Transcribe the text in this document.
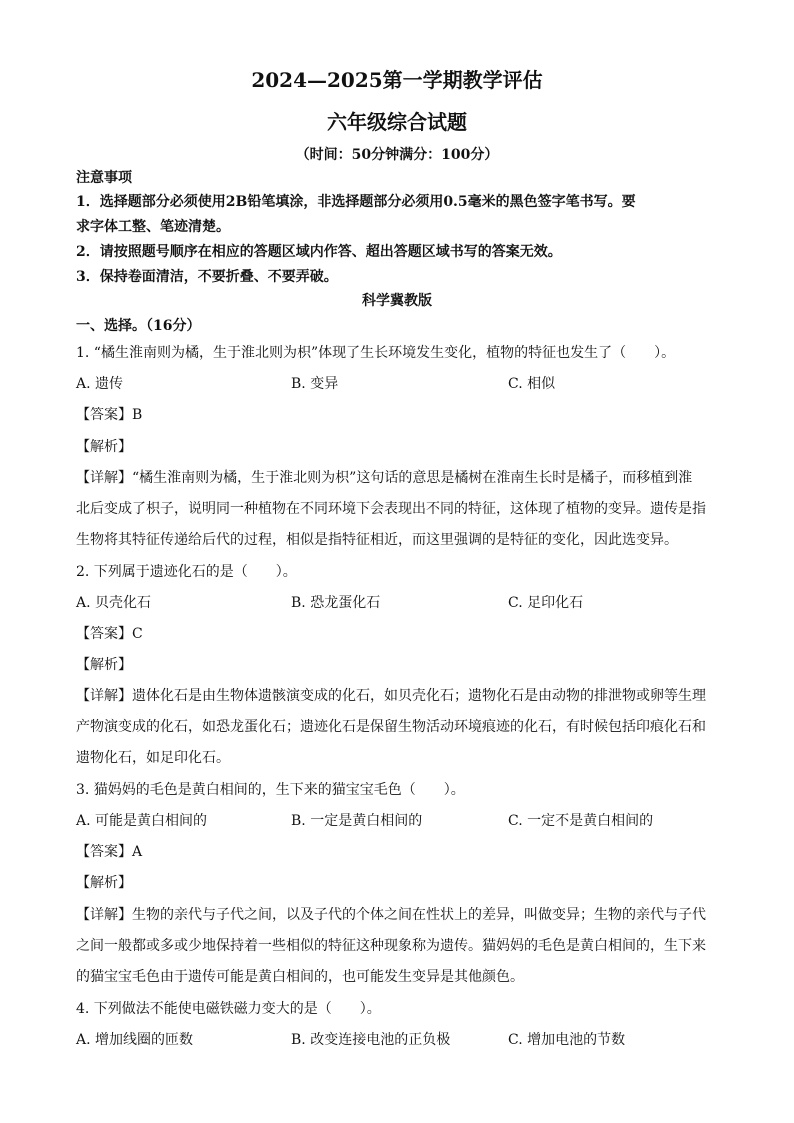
2024—2025第一学期教学评估
六年级综合试题
（时间：50分钟满分：100分）
注意事项
1．选择题部分必须使用2B铅笔填涂，非选择题部分必须用0.5毫米的黑色签字笔书写。要
求字体工整、笔迹清楚。
2．请按照题号顺序在相应的答题区域内作答、超出答题区域书写的答案无效。
3．保持卷面清洁，不要折叠、不要弄破。
科学冀教版
一、选择。（16分）
1. “橘生淮南则为橘，生于淮北则为枳”体现了生长环境发生变化，植物的特征也发生了（　　）。
A. 遗传	B. 变异	C. 相似
【答案】B
【解析】
【详解】“橘生淮南则为橘，生于淮北则为枳”这句话的意思是橘树在淮南生长时是橘子，而移植到淮
北后变成了枳子，说明同一种植物在不同环境下会表现出不同的特征，这体现了植物的变异。遗传是指
生物将其特征传递给后代的过程，相似是指特征相近，而这里强调的是特征的变化，因此选变异。
2. 下列属于遗迹化石的是（　　）。
A. 贝壳化石	B. 恐龙蛋化石	C. 足印化石
【答案】C
【解析】
【详解】遗体化石是由生物体遗骸演变成的化石，如贝壳化石；遗物化石是由动物的排泄物或卵等生理
产物演变成的化石，如恐龙蛋化石；遗迹化石是保留生物活动环境痕迹的化石，有时候包括印痕化石和
遗物化石，如足印化石。
3. 猫妈妈的毛色是黄白相间的，生下来的猫宝宝毛色（　　）。
A. 可能是黄白相间的	B. 一定是黄白相间的	C. 一定不是黄白相间的
【答案】A
【解析】
【详解】生物的亲代与子代之间，以及子代的个体之间在性状上的差异，叫做变异；生物的亲代与子代
之间一般都或多或少地保持着一些相似的特征这种现象称为遗传。猫妈妈的毛色是黄白相间的，生下来
的猫宝宝毛色由于遗传可能是黄白相间的，也可能发生变异是其他颜色。
4. 下列做法不能使电磁铁磁力变大的是（　　）。
A. 增加线圈的匝数	B. 改变连接电池的正负极	C. 增加电池的节数
